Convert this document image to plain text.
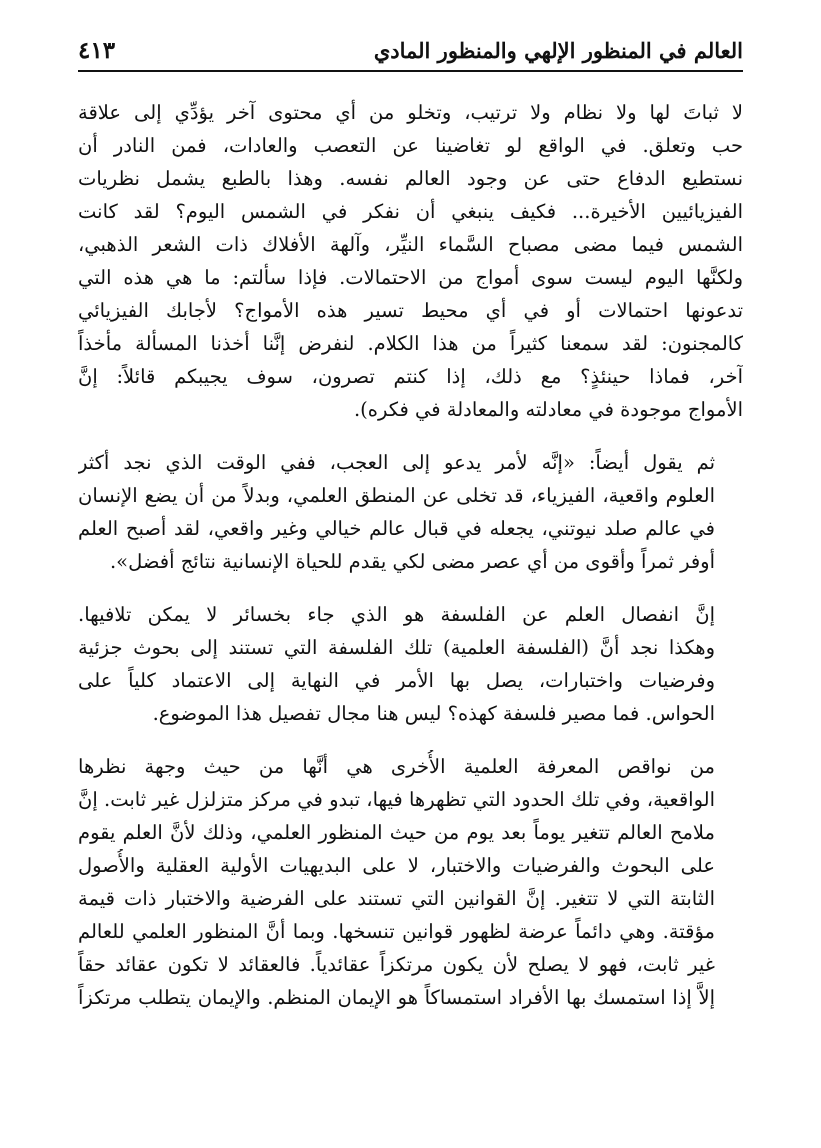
العالم في المنظور الإلهي والمنظور المادي
٤١٣

لا ثباتَ لها ولا نظام ولا ترتيب، وتخلو من أي محتوى آخر يؤدِّي إلى علاقة
حب وتعلق. في الواقع لو تغاضينا عن التعصب والعادات، فمن النادر أن
نستطيع الدفاع حتى عن وجود العالم نفسه. وهذا بالطبع يشمل نظريات
الفيزيائيين الأخيرة... فكيف ينبغي أن نفكر في الشمس اليوم؟ لقد كانت
الشمس فيما مضى مصباح السَّماء النيِّر، وآلهة الأفلاك ذات الشعر الذهبي،
ولكنَّها اليوم ليست سوى أمواج من الاحتمالات. فإذا سألتم: ما هي هذه التي
تدعونها احتمالات أو في أي محيط تسير هذه الأمواج؟ لأجابك الفيزيائي
كالمجنون: لقد سمعنا كثيراً من هذا الكلام. لنفرض إنَّنا أخذنا المسألة مأخذاً
آخر، فماذا حينئذٍ؟ مع ذلك، إذا كنتم تصرون، سوف يجيبكم قائلاً: إنَّ
الأمواج موجودة في معادلته والمعادلة في فكره).

ثم يقول أيضاً: «إنَّه لأمر يدعو إلى العجب، ففي الوقت الذي نجد أكثر
العلوم واقعية، الفيزياء، قد تخلى عن المنطق العلمي، وبدلاً من أن يضع الإنسان
في عالم صلد نيوتني، يجعله في قبال عالم خيالي وغير واقعي، لقد أصبح العلم
أوفر ثمراً وأقوى من أي عصر مضى لكي يقدم للحياة الإنسانية نتائج أفضل».

إنَّ انفصال العلم عن الفلسفة هو الذي جاء بخسائر لا يمكن تلافيها.
وهكذا نجد أنَّ (الفلسفة العلمية) تلك الفلسفة التي تستند إلى بحوث جزئية
وفرضيات واختبارات، يصل بها الأمر في النهاية إلى الاعتماد كلياً على
الحواس. فما مصير فلسفة كهذه؟ ليس هنا مجال تفصيل هذا الموضوع.

من نواقص المعرفة العلمية الأُخرى هي أنَّها من حيث وجهة نظرها
الواقعية، وفي تلك الحدود التي تظهرها فيها، تبدو في مركز متزلزل غير ثابت. إنَّ
ملامح العالم تتغير يوماً بعد يوم من حيث المنظور العلمي، وذلك لأنَّ العلم يقوم
على البحوث والفرضيات والاختبار، لا على البديهيات الأولية العقلية والأُصول
الثابتة التي لا تتغير. إنَّ القوانين التي تستند على الفرضية والاختبار ذات قيمة
مؤقتة. وهي دائماً عرضة لظهور قوانين تنسخها. وبما أنَّ المنظور العلمي للعالم
غير ثابت، فهو لا يصلح لأن يكون مرتكزاً عقائدياً. فالعقائد لا تكون عقائد حقاً
إلاَّ إذا استمسك بها الأفراد استمساكاً هو الإيمان المنظم. والإيمان يتطلب مرتكزاً
